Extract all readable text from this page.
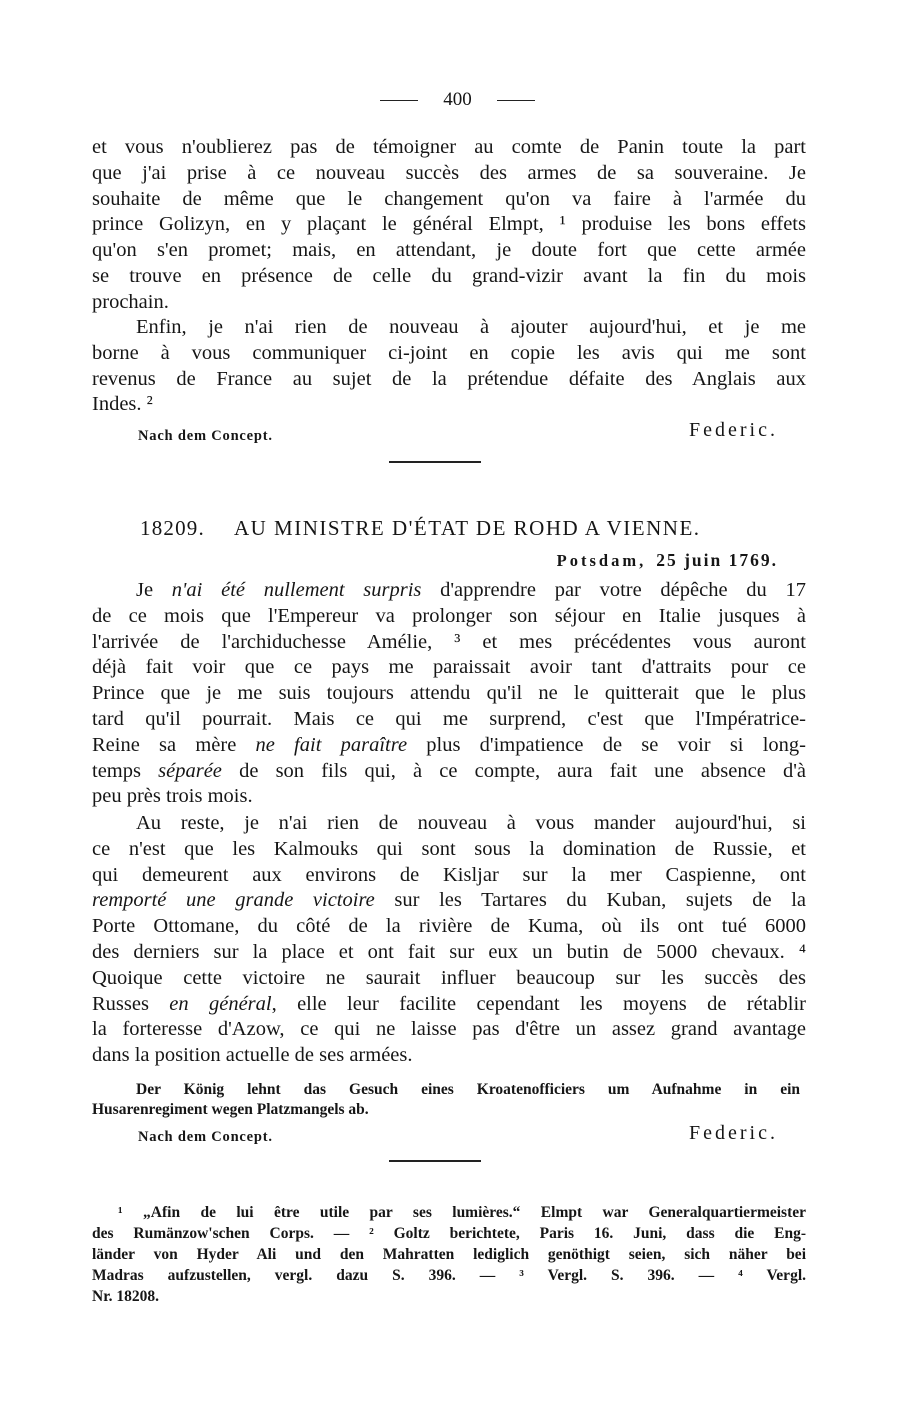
400
et vous n'oublierez pas de témoigner au comte de Panin toute la part
que j'ai prise à ce nouveau succès des armes de sa souveraine. Je
souhaite de même que le changement qu'on va faire à l'armée du
prince Golizyn, en y plaçant le général Elmpt, ¹ produise les bons effets
qu'on s'en promet; mais, en attendant, je doute fort que cette armée
se trouve en présence de celle du grand-vizir avant la fin du mois
prochain.
Enfin, je n'ai rien de nouveau à ajouter aujourd'hui, et je me
borne à vous communiquer ci-joint en copie les avis qui me sont
revenus de France au sujet de la prétendue défaite des Anglais aux
Indes. ²
Nach dem Concept.	Federic.
18209. AU MINISTRE D'ÉTAT DE ROHD A VIENNE.
Potsdam, 25 juin 1769.
Je n'ai été nullement surpris d'apprendre par votre dépêche du 17
de ce mois que l'Empereur va prolonger son séjour en Italie jusques à
l'arrivée de l'archiduchesse Amélie, ³ et mes précédentes vous auront
déjà fait voir que ce pays me paraissait avoir tant d'attraits pour ce
Prince que je me suis toujours attendu qu'il ne le quitterait que le plus
tard qu'il pourrait. Mais ce qui me surprend, c'est que l'Impératrice-
Reine sa mère ne fait paraître plus d'impatience de se voir si long-
temps séparée de son fils qui, à ce compte, aura fait une absence d'à
peu près trois mois.
Au reste, je n'ai rien de nouveau à vous mander aujourd'hui, si
ce n'est que les Kalmouks qui sont sous la domination de Russie, et
qui demeurent aux environs de Kisljar sur la mer Caspienne, ont
remporté une grande victoire sur les Tartares du Kuban, sujets de la
Porte Ottomane, du côté de la rivière de Kuma, où ils ont tué 6000
des derniers sur la place et ont fait sur eux un butin de 5000 chevaux. ⁴
Quoique cette victoire ne saurait influer beaucoup sur les succès des
Russes en général, elle leur facilite cependant les moyens de rétablir
la forteresse d'Azow, ce qui ne laisse pas d'être un assez grand avantage
dans la position actuelle de ses armées.
Der König lehnt das Gesuch eines Kroatenofficiers um Aufnahme in ein
Husarenregiment wegen Platzmangels ab.
Nach dem Concept.	Federic.
¹ „Afin de lui être utile par ses lumières.“ Elmpt war Generalquartiermeister
des Rumänzow'schen Corps. — ² Goltz berichtete, Paris 16. Juni, dass die Eng-
länder von Hyder Ali und den Mahratten lediglich genöthigt seien, sich näher bei
Madras aufzustellen, vergl. dazu S. 396. — ³ Vergl. S. 396. — ⁴ Vergl.
Nr. 18208.
